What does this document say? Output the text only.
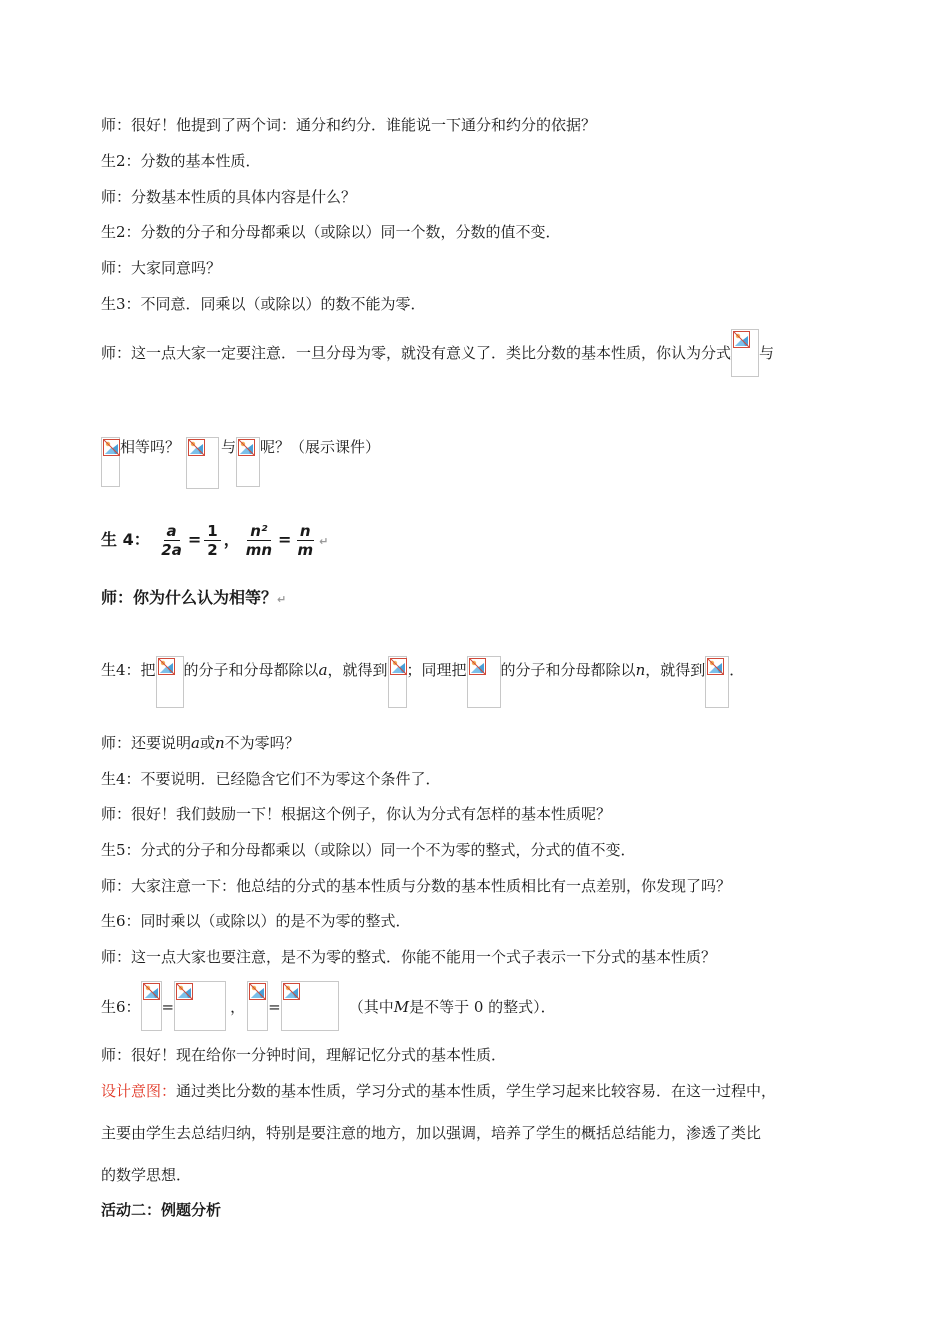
师：很好！他提到了两个词：通分和约分．谁能说一下通分和约分的依据？
生2：分数的基本性质．
师：分数基本性质的具体内容是什么？
生2：分数的分子和分母都乘以（或除以）同一个数，分数的值不变．
师：大家同意吗？
生3：不同意．同乘以（或除以）的数不能为零．
师：这一点大家一定要注意．一旦分母为零，就没有意义了．类比分数的基本性质，你认为分式 与
相等吗？	与 呢？（展示课件）
生 4： $\frac{a}{2a} = \frac{1}{2}$ ， $\frac{\text{n²}}{mn} = \frac{n}{m}$ ↵
师：你为什么认为相等？↵
生4：把 的分子和分母都除以a，就得到 ；同理把 的分子和分母都除以n，就得到 ．
师：还要说明a或n不为零吗？
生4：不要说明．已经隐含它们不为零这个条件了．
师：很好！我们鼓励一下！根据这个例子，你认为分式有怎样的基本性质呢？
生5：分式的分子和分母都乘以（或除以）同一个不为零的整式，分式的值不变．
师：大家注意一下：他总结的分式的基本性质与分数的基本性质相比有一点差别，你发现了吗？
生6：同时乘以（或除以）的是不为零的整式．
师：这一点大家也要注意，是不为零的整式．你能不能用一个式子表示一下分式的基本性质？
生6： =	， =	（其中M是不等于 0 的整式）．
师：很好！现在给你一分钟时间，理解记忆分式的基本性质．
设计意图：通过类比分数的基本性质，学习分式的基本性质，学生学习起来比较容易．在这一过程中，
主要由学生去总结归纳，特别是要注意的地方，加以强调，培养了学生的概括总结能力，渗透了类比
的数学思想．
活动二：例题分析
